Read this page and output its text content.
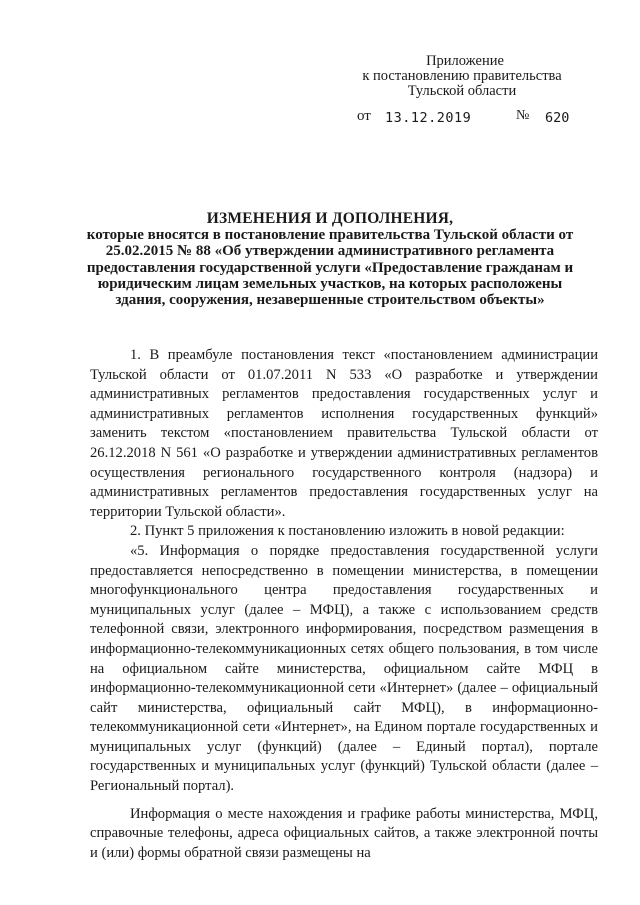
Приложение
к постановлению правительства
Тульской области
от 13.12.2019	№ 620
ИЗМЕНЕНИЯ И ДОПОЛНЕНИЯ,
которые вносятся в постановление правительства Тульской области от 25.02.2015 № 88 «Об утверждении административного регламента предоставления государственной услуги «Предоставление гражданам и юридическим лицам земельных участков, на которых расположены здания, сооружения, незавершенные строительством объекты»

1. В преамбуле постановления текст «постановлением администрации Тульской области от 01.07.2011 N 533 «О разработке и утверждении административных регламентов предоставления государственных услуг и административных регламентов исполнения государственных функций» заменить текстом «постановлением правительства Тульской области от 26.12.2018 N 561 «О разработке и утверждении административных регламентов осуществления регионального государственного контроля (надзора) и административных регламентов предоставления государственных услуг на территории Тульской области».

2. Пункт 5 приложения к постановлению изложить в новой редакции:

«5. Информация о порядке предоставления государственной услуги предоставляется непосредственно в помещении министерства, в помещении многофункционального центра предоставления государственных и муниципальных услуг (далее – МФЦ), а также с использованием средств телефонной связи, электронного информирования, посредством размещения в информационно-телекоммуникационных сетях общего пользования, в том числе на официальном сайте министерства, официальном сайте МФЦ в информационно-телекоммуникационной сети «Интернет» (далее – официальный сайт министерства, официальный сайт МФЦ), в информационно-телекоммуникационной сети «Интернет», на Едином портале государственных и муниципальных услуг (функций) (далее – Единый портал), портале государственных и муниципальных услуг (функций) Тульской области (далее – Региональный портал).

Информация о месте нахождения и графике работы министерства, МФЦ, справочные телефоны, адреса официальных сайтов, а также электронной почты и (или) формы обратной связи размещены на
